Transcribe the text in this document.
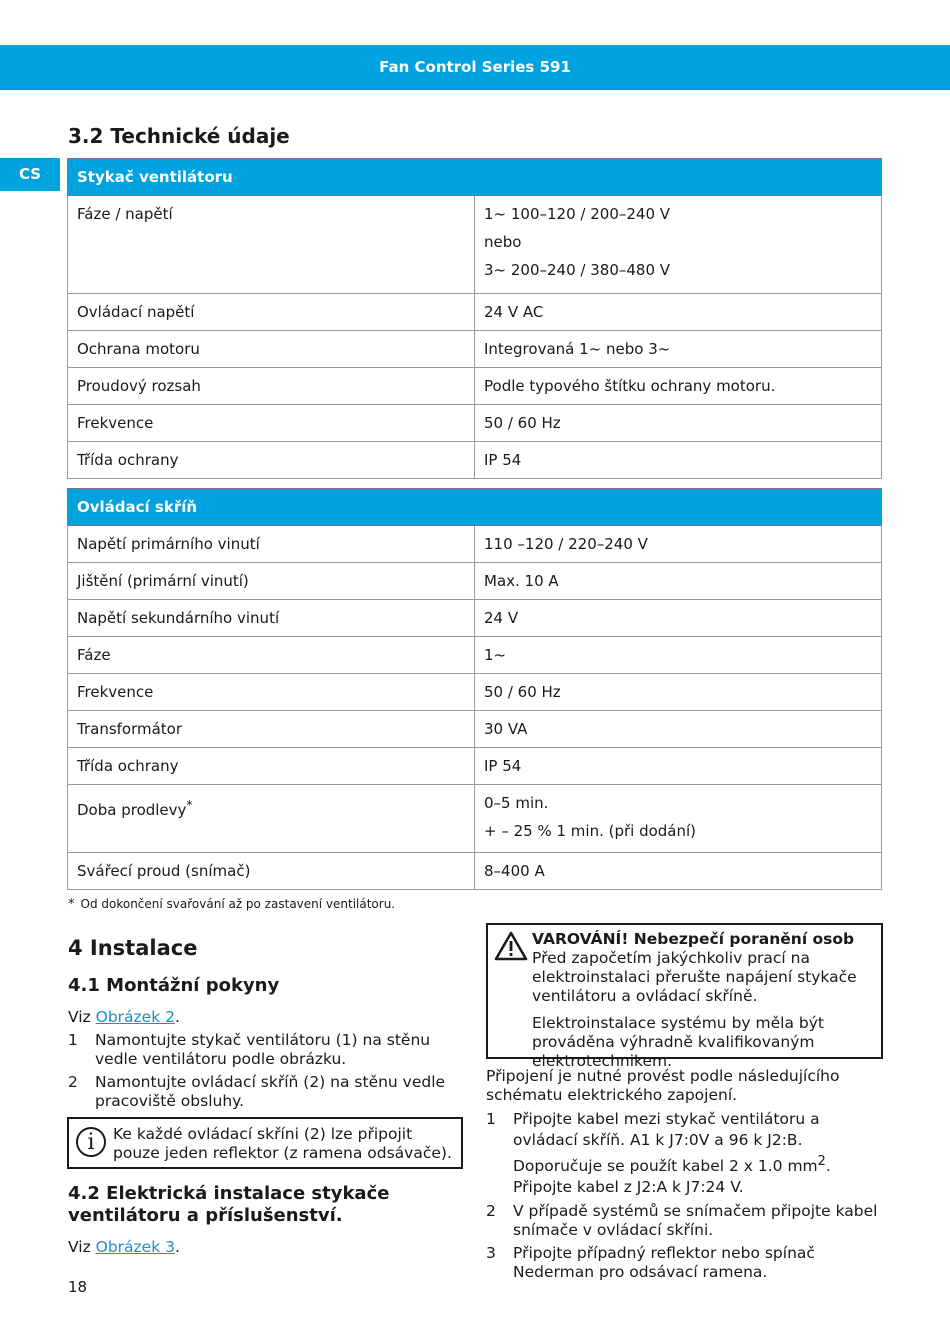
Fan Control Series 591
CS
3.2 Technické údaje
Stykač ventilátoru	

Fáze / napětí	1~ 100–120 / 200–240 V

nebo

3~ 200–240 / 380–480 V

Ovládací napětí	24 V AC
Ochrana motoru	Integrovaná 1~ nebo 3~
Proudový rozsah	Podle typového štítku ochrany motoru.
Frekvence	50 / 60 Hz
Třída ochrany	IP 54
Ovládací skříň	
Napětí primárního vinutí	110 –120 / 220–240 V
Jištění (primární vinutí)	Max. 10 A
Napětí sekundárního vinutí	24 V
Fáze	1~
Frekvence	50 / 60 Hz
Transformátor	30 VA
Třída ochrany	IP 54

Doba prodlevy*	0–5 min.

+ – 25 % 1 min. (při dodání)

Svářecí proud (snímač)	8–400 A
* Od dokončení svařování až po zastavení ventilátoru.
4 Instalace
4.1 Montážní pokyny

Viz Obrázek 2.

1 Namontujte stykač ventilátoru (1) na stěnu vedle ventilátoru podle obrázku.
2 Namontujte ovládací skříň (2) na stěnu vedle pracoviště obsluhy.
i	Ke každé ovládací skříni (2) lze připojit pouze jeden reflektor (z ramena odsávače).
4.2 Elektrická instalace stykače ventilátoru a příslušenství.
Viz Obrázek 3.

VAROVÁNÍ! Nebezpečí poranění osob

Před započetím jakýchkoliv prací na elektroinstalaci přerušte napájení stykače ventilátoru a ovládací skříně.

Elektroinstalace systému by měla být prováděna výhradně kvalifikovaným elektrotechnikem.

Připojení je nutné provést podle následujícího schématu elektrického zapojení.

1 Připojte kabel mezi stykač ventilátoru a ovládací skříň. A1 k J7:0V a 96 k J2:B. Doporučuje se použít kabel 2 x 1.0 $mm^2$. Připojte kabel z J2:A k J7:24 V.
2 V případě systémů se snímačem připojte kabel snímače v ovládací skříni.
3 Připojte případný reflektor nebo spínač Nederman pro odsávací ramena.
18
